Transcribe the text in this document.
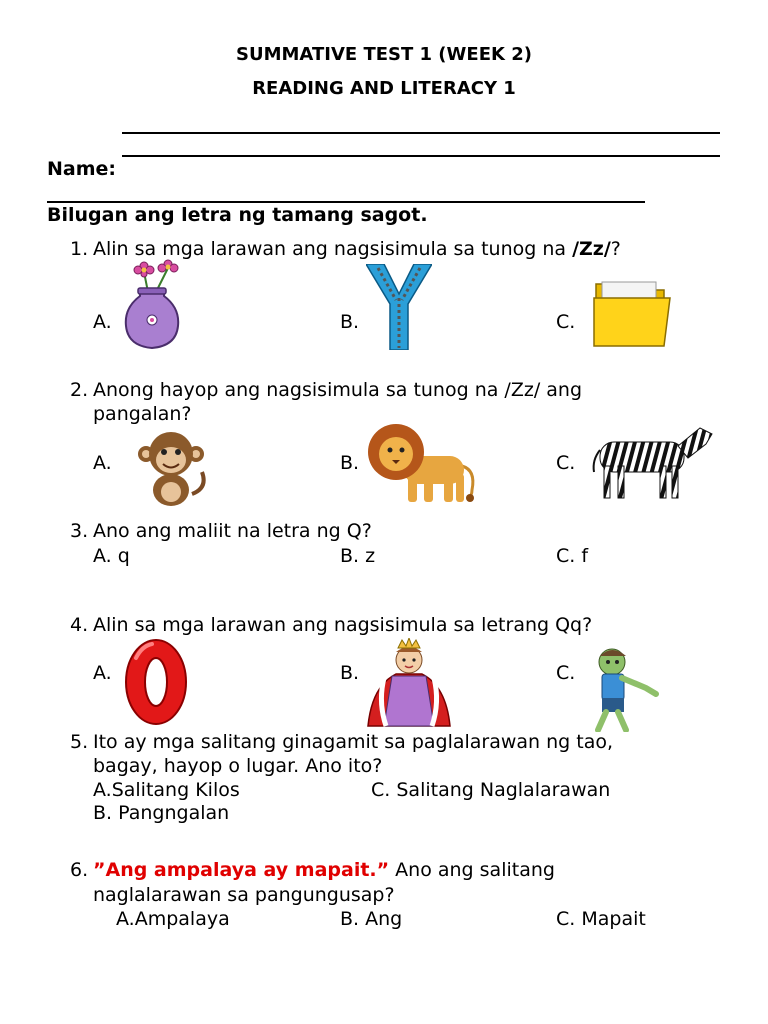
SUMMATIVE TEST 1 (WEEK 2)
READING AND LITERACY 1
Name:
Bilugan ang letra ng tamang sagot.
1. Alin sa mga larawan ang nagsisimula sa tunog na /Zz/?
A.	B.	C.
2. Anong hayop ang nagsisimula sa tunog na /Zz/ ang
pangalan?
A.	B.	C.
3. Ano ang maliit na letra ng Q?
A. q	B. z	C. f
4. Alin sa mga larawan ang nagsisimula sa letrang Qq?
A.	B.	C.
5. Ito ay mga salitang ginagamit sa paglalarawan ng tao,
bagay, hayop o lugar. Ano ito?
A.Salitang Kilos	C. Salitang Naglalarawan
B. Pangngalan
6. ”Ang ampalaya ay mapait.” Ano ang salitang
naglalarawan sa pangungusap?
A.Ampalaya	B. Ang	C. Mapait
